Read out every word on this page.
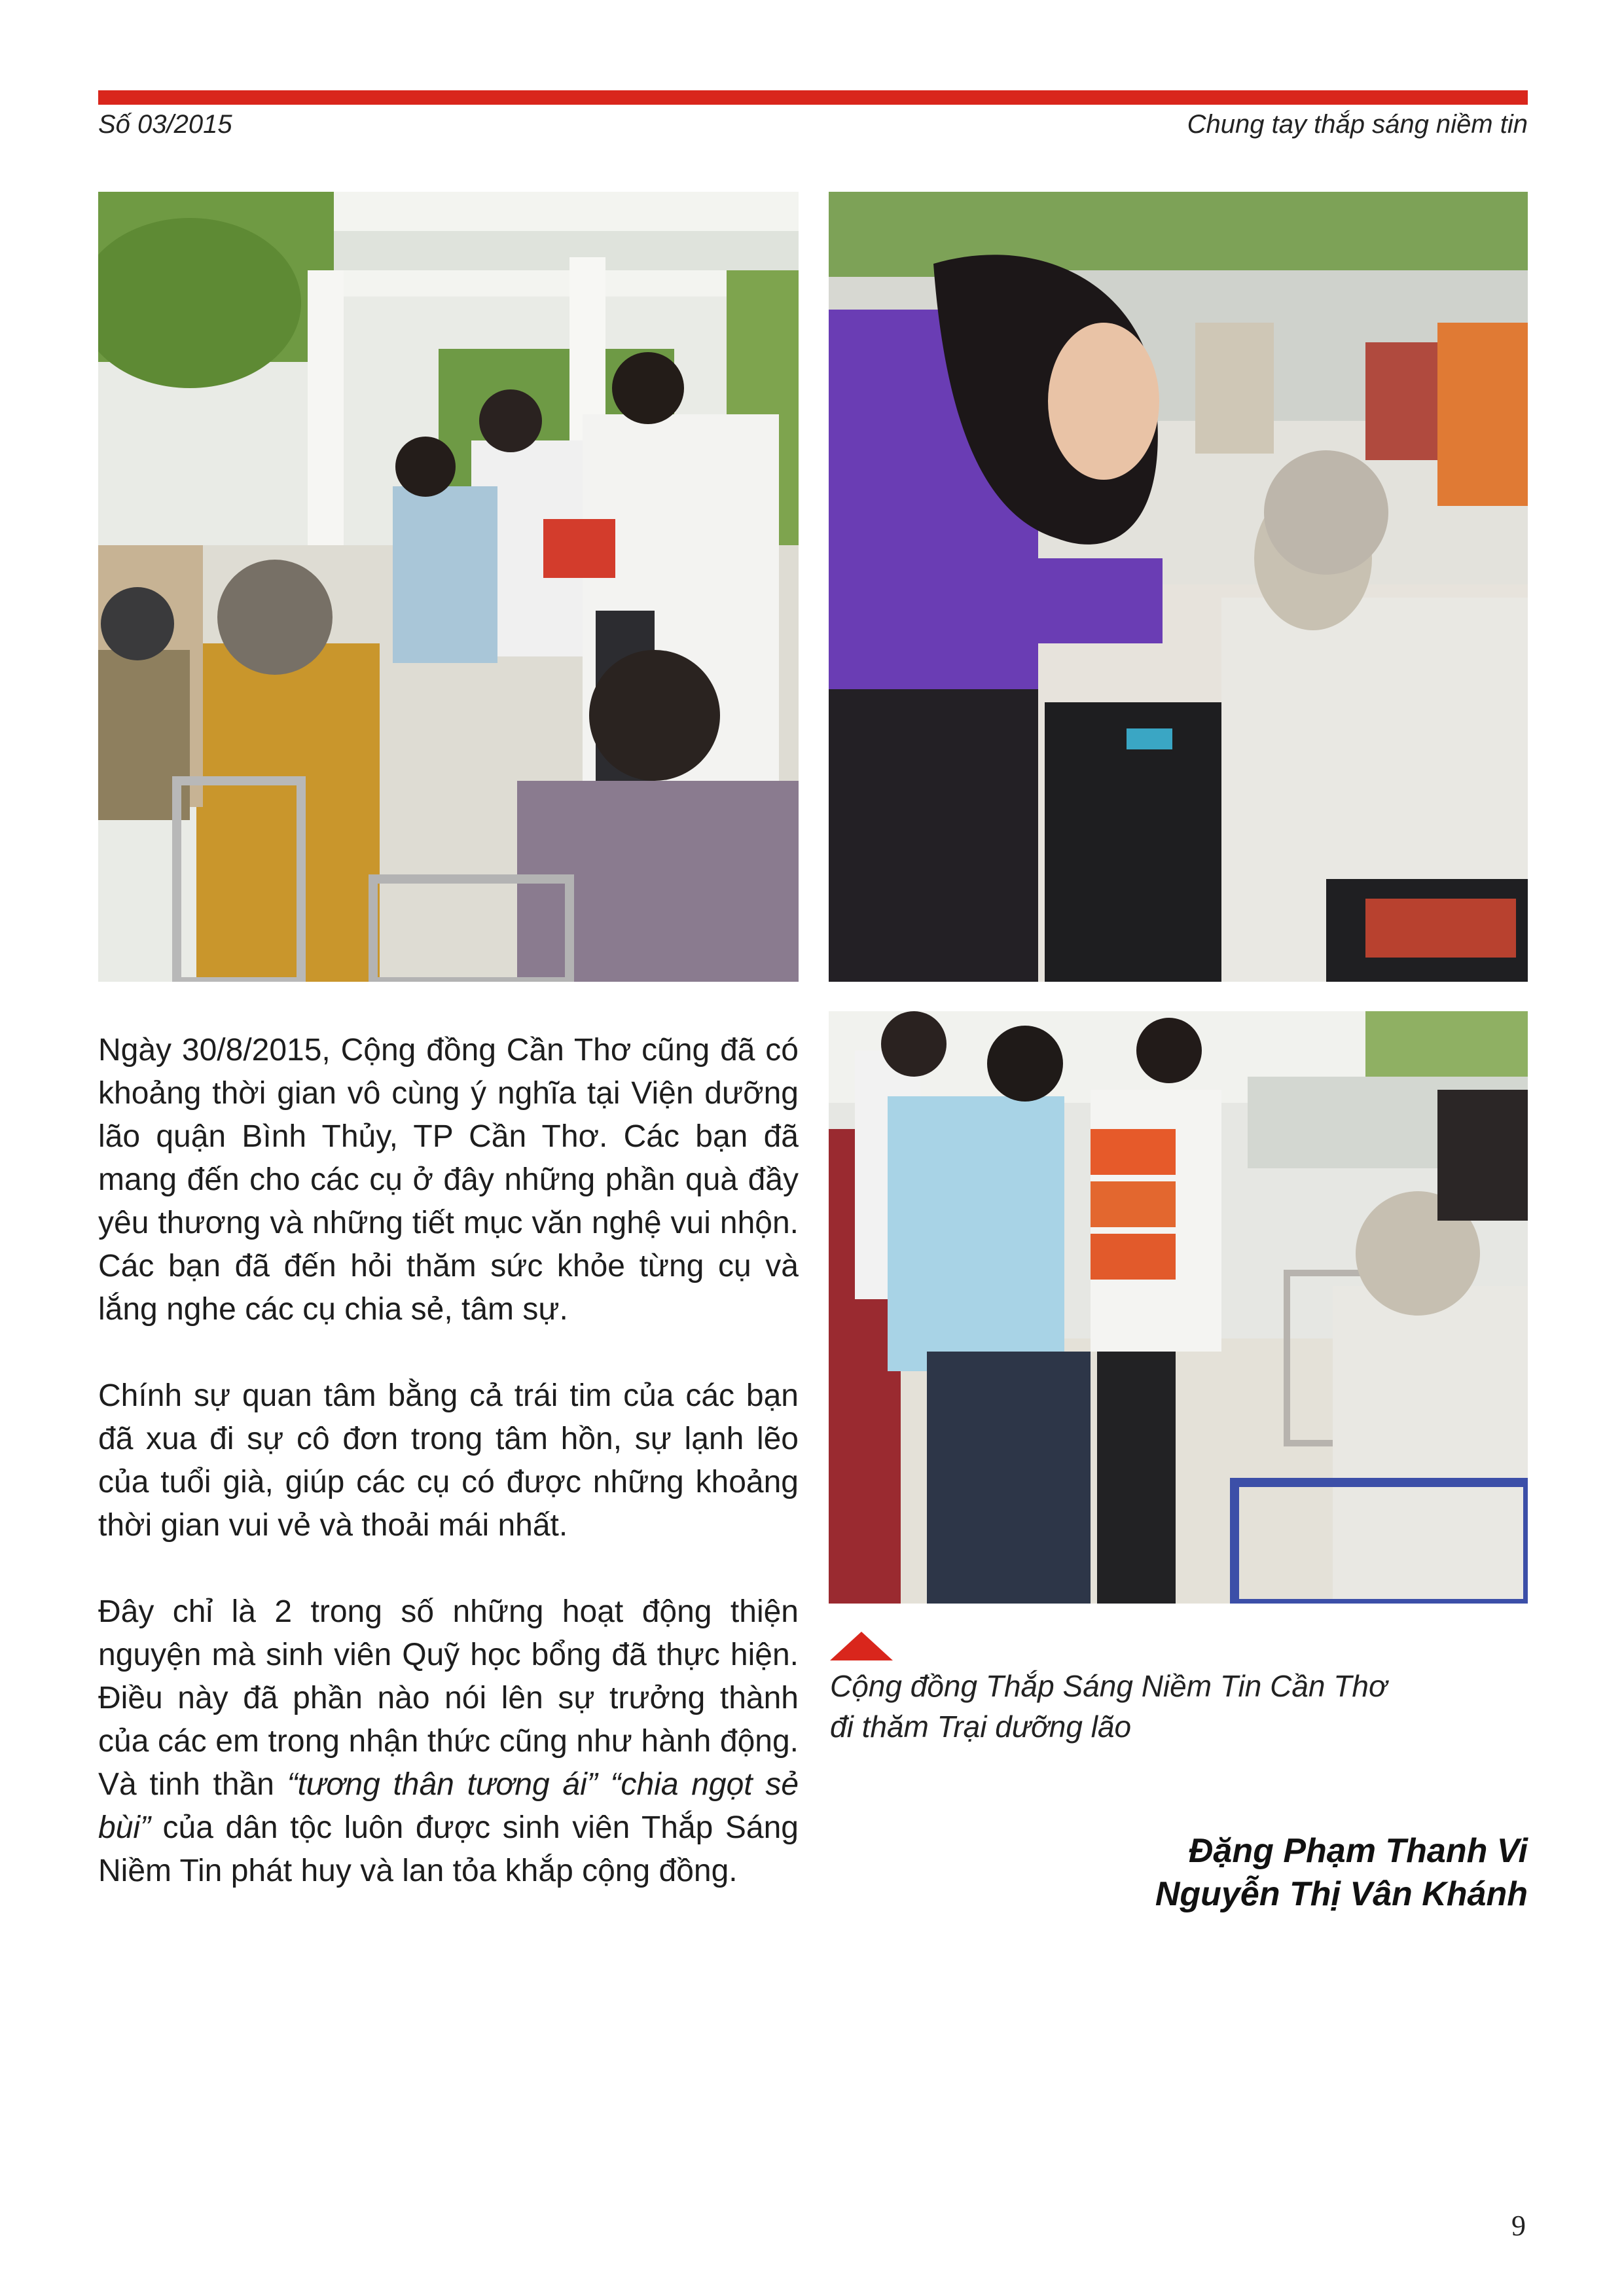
Số 03/2015	Chung tay thắp sáng niềm tin

Ngày 30/8/2015, Cộng đồng Cần Thơ cũng đã có khoảng thời gian vô cùng ý nghĩa tại Viện dưỡng lão quận Bình Thủy, TP Cần Thơ. Các bạn đã mang đến cho các cụ ở đây những phần quà đầy yêu thương và những tiết mục văn nghệ vui nhộn. Các bạn đã đến hỏi thăm sức khỏe từng cụ và lắng nghe các cụ chia sẻ, tâm sự.

Chính sự quan tâm bằng cả trái tim của các bạn đã xua đi sự cô đơn trong tâm hồn, sự lạnh lẽo của tuổi già, giúp các cụ có được những khoảng thời gian vui vẻ và thoải mái nhất.

Đây chỉ là 2 trong số những hoạt động thiện nguyện mà sinh viên Quỹ học bổng đã thực hiện. Điều này đã phần nào nói lên sự trưởng thành của các em trong nhận thức cũng như hành động. Và tinh thần “tương thân tương ái” “chia ngọt sẻ bùi” của dân tộc luôn được sinh viên Thắp Sáng Niềm Tin phát huy và lan tỏa khắp cộng đồng.

Cộng đồng Thắp Sáng Niềm Tin Cần Thơ
đi thăm Trại dưỡng lão
Đặng Phạm Thanh Vi
Nguyễn Thị Vân Khánh
9
